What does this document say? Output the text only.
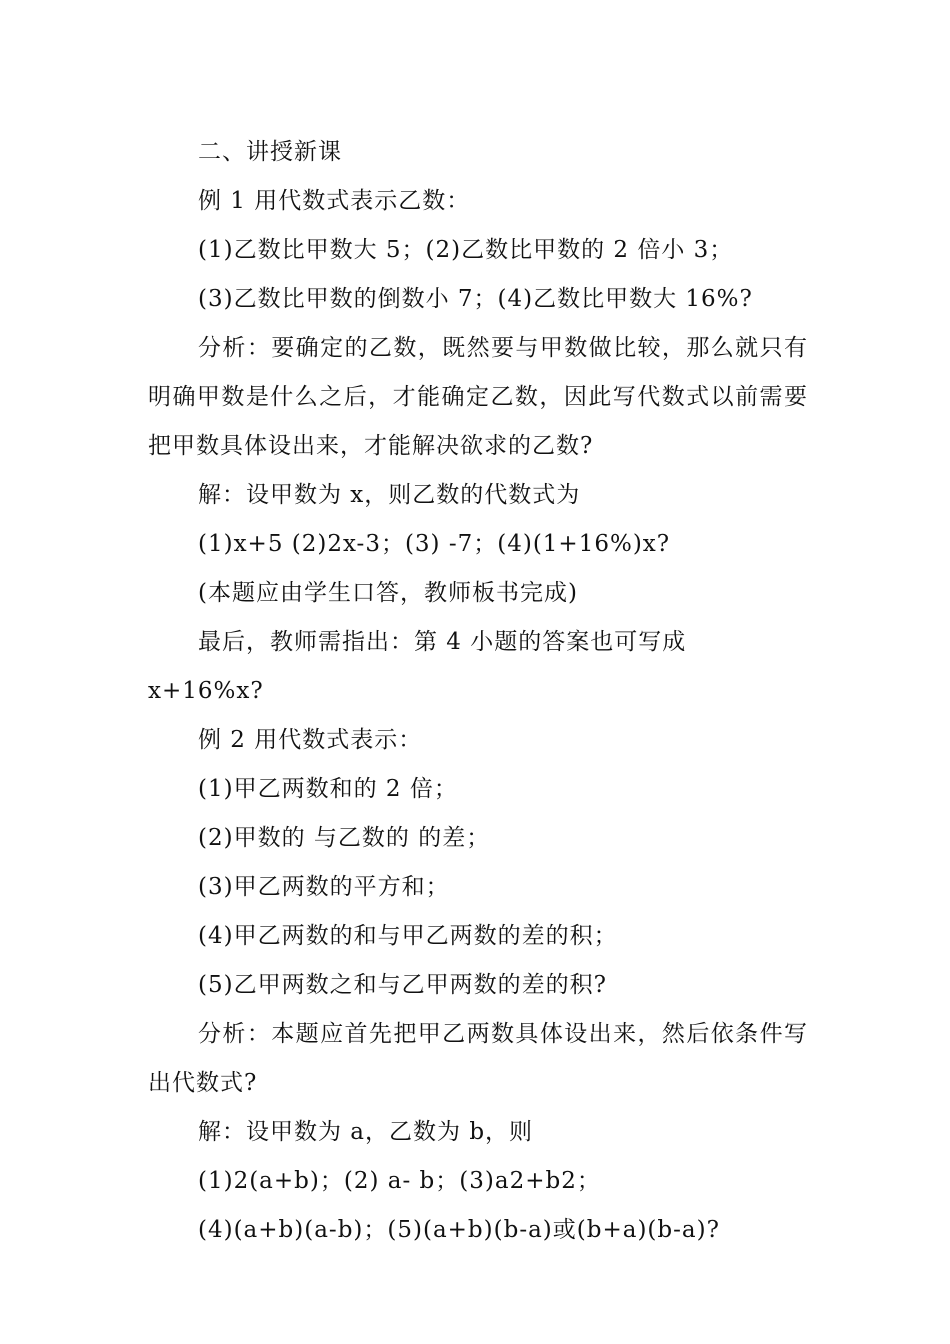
二、讲授新课

例 1 用代数式表示乙数：

(1)乙数比甲数大 5；(2)乙数比甲数的 2 倍小 3；

(3)乙数比甲数的倒数小 7；(4)乙数比甲数大 16%?

分析：要确定的乙数，既然要与甲数做比较，那么就只有明确甲数是什么之后，才能确定乙数，因此写代数式以前需要把甲数具体设出来，才能解决欲求的乙数?

解：设甲数为 x，则乙数的代数式为

(1)x+5 (2)2x-3；(3) -7；(4)(1+16%)x?

(本题应由学生口答，教师板书完成)

最后，教师需指出：第 4 小题的答案也可写成 x+16%x?

例 2 用代数式表示：

(1)甲乙两数和的 2 倍；

(2)甲数的 与乙数的 的差；

(3)甲乙两数的平方和；

(4)甲乙两数的和与甲乙两数的差的积；

(5)乙甲两数之和与乙甲两数的差的积?

分析：本题应首先把甲乙两数具体设出来，然后依条件写出代数式?

解：设甲数为 a，乙数为 b，则

(1)2(a+b)；(2) a- b；(3)a2+b2；

(4)(a+b)(a-b)；(5)(a+b)(b-a)或(b+a)(b-a)?
